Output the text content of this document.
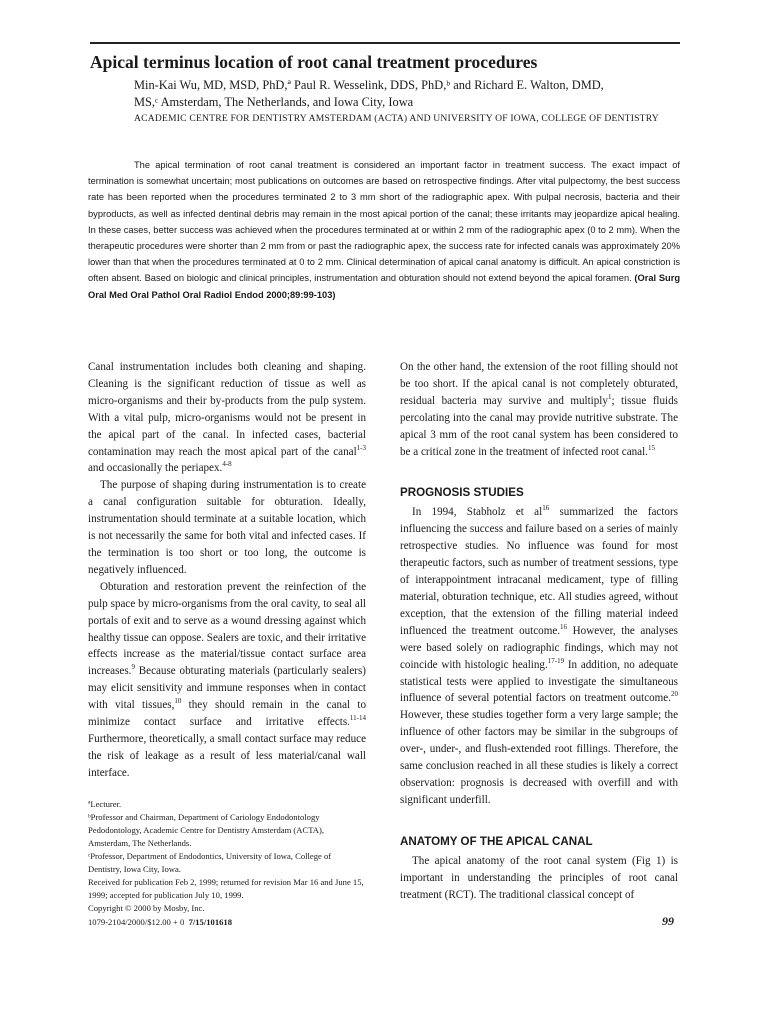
Apical terminus location of root canal treatment procedures
Min-Kai Wu, MD, MSD, PhD,ª Paul R. Wesselink, DDS, PhD,ᵇ and Richard E. Walton, DMD,
MS,ᶜ Amsterdam, The Netherlands, and Iowa City, Iowa
ACADEMIC CENTRE FOR DENTISTRY AMSTERDAM (ACTA) AND UNIVERSITY OF IOWA, COLLEGE OF DENTISTRY

The apical termination of root canal treatment is considered an important factor in treatment success. The exact impact of termination is somewhat uncertain; most publications on outcomes are based on retrospective findings. After vital pulpectomy, the best success rate has been reported when the procedures terminated 2 to 3 mm short of the radiographic apex. With pulpal necrosis, bacteria and their byproducts, as well as infected dentinal debris may remain in the most apical portion of the canal; these irritants may jeopardize apical healing. In these cases, better success was achieved when the procedures terminated at or within 2 mm of the radiographic apex (0 to 2 mm). When the therapeutic procedures were shorter than 2 mm from or past the radiographic apex, the success rate for infected canals was approximately 20% lower than that when the procedures terminated at 0 to 2 mm. Clinical determination of apical canal anatomy is difficult. An apical constriction is often absent. Based on biologic and clinical principles, instrumentation and obturation should not extend beyond the apical foramen. (Oral Surg Oral Med Oral Pathol Oral Radiol Endod 2000;89:99-103)

Canal instrumentation includes both cleaning and shaping. Cleaning is the significant reduction of tissue as well as micro-organisms and their by-products from the pulp system. With a vital pulp, micro-organisms would not be present in the apical part of the canal. In infected cases, bacterial contamination may reach the most apical part of the canal$^{1-3}$ and occasionally the periapex.$^{4-8}$

The purpose of shaping during instrumentation is to create a canal configuration suitable for obturation. Ideally, instrumentation should terminate at a suitable location, which is not necessarily the same for both vital and infected cases. If the termination is too short or too long, the outcome is negatively influenced.

Obturation and restoration prevent the reinfection of the pulp space by micro-organisms from the oral cavity, to seal all portals of exit and to serve as a wound dressing against which healthy tissue can oppose. Sealers are toxic, and their irritative effects increase as the material/tissue contact surface area increases.$^9$ Because obturating materials (particularly sealers) may elicit sensitivity and immune responses when in contact with vital tissues,$^{10}$ they should remain in the canal to minimize contact surface and irritative effects.$^{11-14}$ Furthermore, theoretically, a small contact surface may reduce the risk of leakage as a result of less material/canal wall interface.

ªLecturer.
ᵇProfessor and Chairman, Department of Cariology Endodontology Pedodontology, Academic Centre for Dentistry Amsterdam (ACTA), Amsterdam, The Netherlands.
ᶜProfessor, Department of Endodontics, University of Iowa, College of Dentistry, Iowa City, Iowa.
Received for publication Feb 2, 1999; returned for revision Mar 16 and June 15, 1999; accepted for publication July 10, 1999.
Copyright © 2000 by Mosby, Inc.
1079-2104/2000/$12.00 + 0 7/15/101618

On the other hand, the extension of the root filling should not be too short. If the apical canal is not completely obturated, residual bacteria may survive and multiply$^1$; tissue fluids percolating into the canal may provide nutritive substrate. The apical 3 mm of the root canal system has been considered to be a critical zone in the treatment of infected root canal.$^{15}$

PROGNOSIS STUDIES

In 1994, Stabholz et $al^{16}$ summarized the factors influencing the success and failure based on a series of mainly retrospective studies. No influence was found for most therapeutic factors, such as number of treatment sessions, type of interappointment intracanal medicament, type of filling material, obturation technique, etc. All studies agreed, without exception, that the extension of the filling material indeed influenced the treatment outcome.$^{16}$ However, the analyses were based solely on radiographic findings, which may not coincide with histologic healing.$^{17-19}$ In addition, no adequate statistical tests were applied to investigate the simultaneous influence of several potential factors on treatment outcome.$^{20}$ However, these studies together form a very large sample; the influence of other factors may be similar in the subgroups of over-, under-, and flush-extended root fillings. Therefore, the same conclusion reached in all these studies is likely a correct observation: prognosis is decreased with overfill and with significant underfill.

ANATOMY OF THE APICAL CANAL

The apical anatomy of the root canal system (Fig 1) is important in understanding the principles of root canal treatment (RCT). The traditional classical concept of

99
